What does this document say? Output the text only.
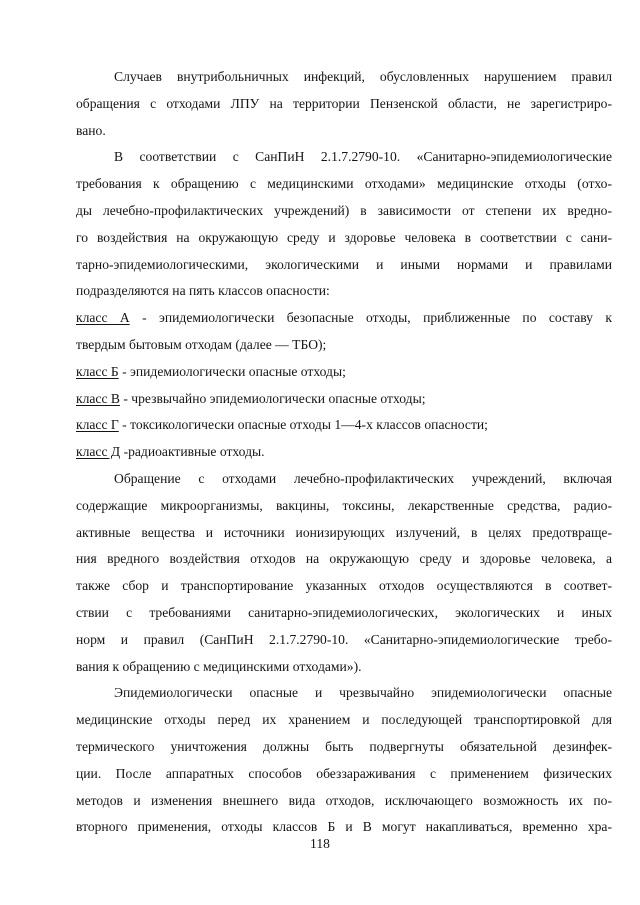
Случаев внутрибольничных инфекций, обусловленных нарушением правил
обращения с отходами ЛПУ на территории Пензенской области, не зарегистриро-
вано.
В соответствии с СанПиН 2.1.7.2790-10. «Санитарно-эпидемиологические
требования к обращению с медицинскими отходами» медицинские отходы (отхо-
ды лечебно-профилактических учреждений) в зависимости от степени их вредно-
го воздействия на окружающую среду и здоровье человека в соответствии с сани-
тарно-эпидемиологическими, экологическими и иными нормами и правилами
подразделяются на пять классов опасности:
класс А - эпидемиологически безопасные отходы, приближенные по составу к
твердым бытовым отходам (далее — ТБО);
класс Б - эпидемиологически опасные отходы;
класс В - чрезвычайно эпидемиологически опасные отходы;
класс Г - токсикологически опасные отходы 1—4-х классов опасности;
класс Д -радиоактивные отходы.
Обращение с отходами лечебно-профилактических учреждений, включая
содержащие микроорганизмы, вакцины, токсины, лекарственные средства, радио-
активные вещества и источники ионизирующих излучений, в целях предотвраще-
ния вредного воздействия отходов на окружающую среду и здоровье человека, а
также сбор и транспортирование указанных отходов осуществляются в соответ-
ствии с требованиями санитарно-эпидемиологических, экологических и иных
норм и правил (СанПиН 2.1.7.2790-10. «Санитарно-эпидемиологические требо-
вания к обращению с медицинскими отходами»).
Эпидемиологически опасные и чрезвычайно эпидемиологически опасные
медицинские отходы перед их хранением и последующей транспортировкой для
термического уничтожения должны быть подвергнуты обязательной дезинфек-
ции. После аппаратных способов обеззараживания с применением физических
методов и изменения внешнего вида отходов, исключающего возможность их по-
вторного применения, отходы классов Б и В могут накапливаться, временно хра-
118
